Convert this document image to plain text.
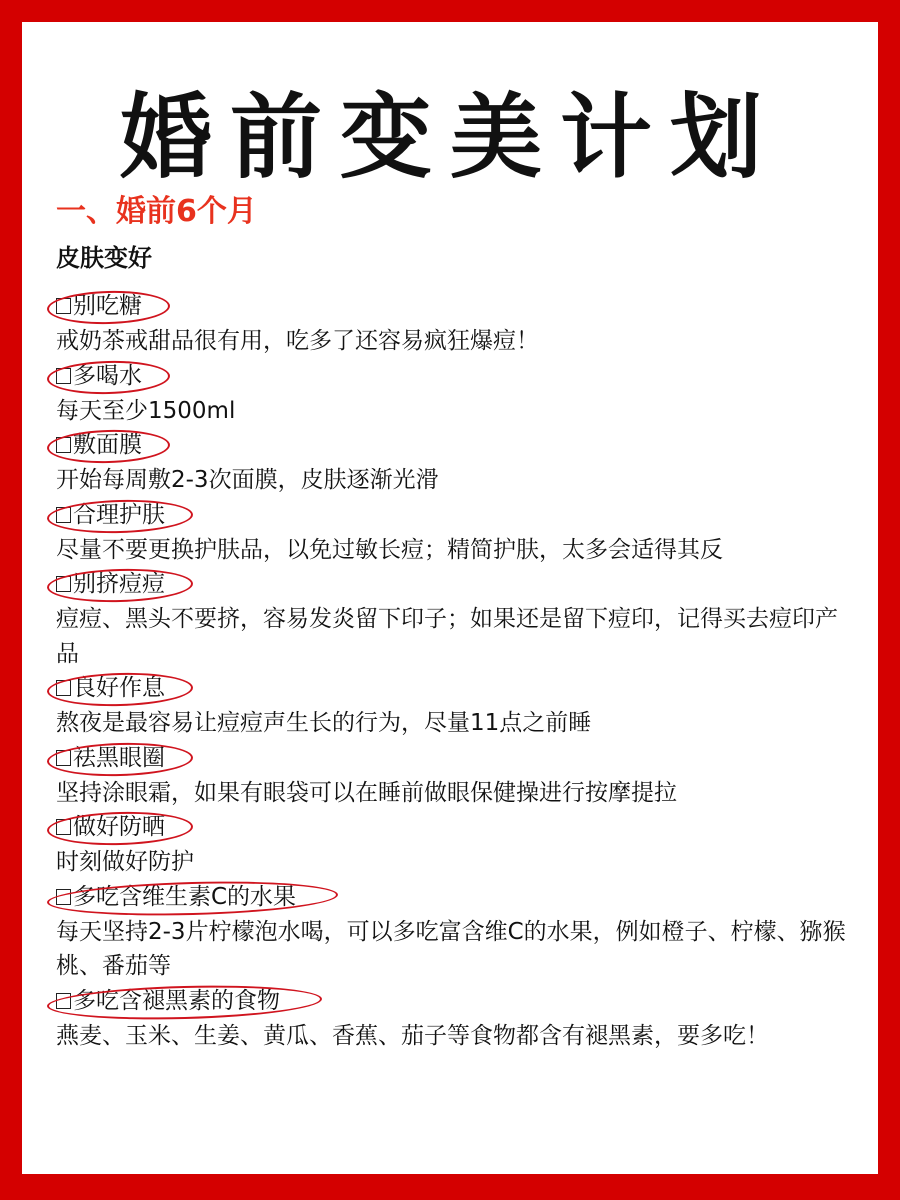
婚前变美计划
一、婚前6个月
皮肤变好
别吃糖

戒奶茶戒甜品很有用，吃多了还容易疯狂爆痘！

多喝水

每天至少1500ml

敷面膜

开始每周敷2-3次面膜，皮肤逐渐光滑

合理护肤

尽量不要更换护肤品，以免过敏长痘；精简护肤，太多会适得其反

别挤痘痘

痘痘、黑头不要挤，容易发炎留下印子；如果还是留下痘印，记得买去痘印产品

良好作息

熬夜是最容易让痘痘声生长的行为，尽量11点之前睡

祛黑眼圈

坚持涂眼霜，如果有眼袋可以在睡前做眼保健操进行按摩提拉

做好防晒

时刻做好防护

多吃含维生素C的水果

每天坚持2-3片柠檬泡水喝，可以多吃富含维C的水果，例如橙子、柠檬、猕猴桃、番茄等

多吃含褪黑素的食物

燕麦、玉米、生姜、黄瓜、香蕉、茄子等食物都含有褪黑素，要多吃！
